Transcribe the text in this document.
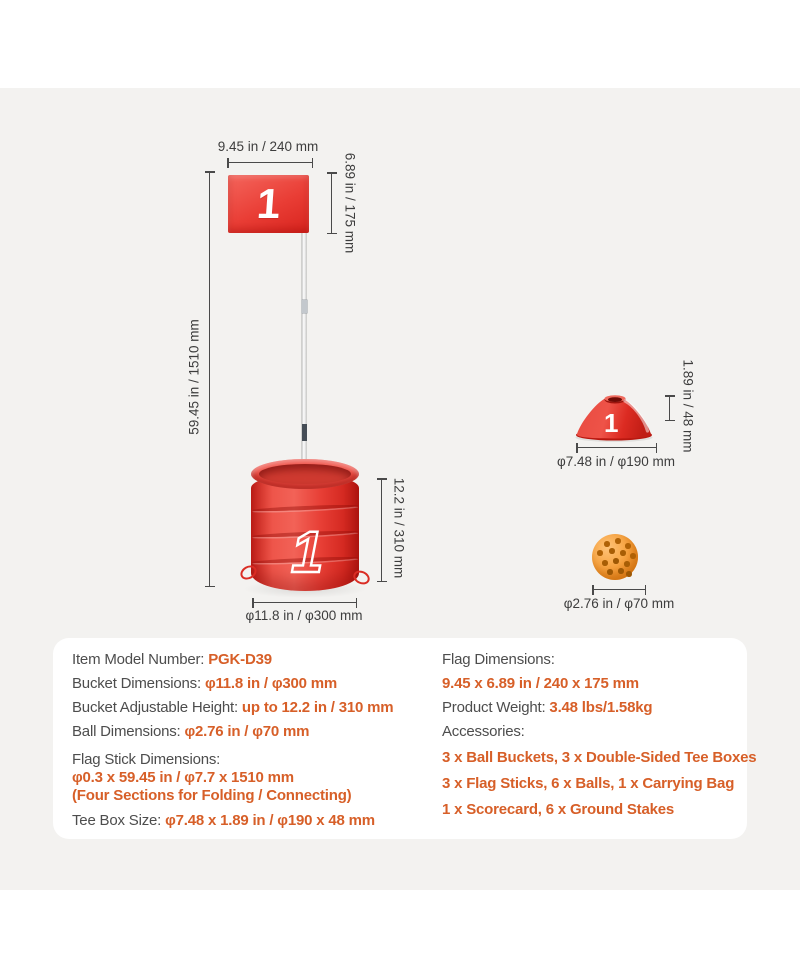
9.45 in / 240 mm
6.89 in / 175 mm
59.45 in / 1510 mm
1
1	12.2 in / 310 mm
φ11.8 in / φ300 mm
1	1.89 in / 48 mm
φ7.48 in / φ190 mm
φ2.76 in / φ70 mm
Item Model Number: PGK-D39
Bucket Dimensions: φ11.8 in / φ300 mm
Bucket Adjustable Height: up to 12.2 in / 310 mm
Ball Dimensions: φ2.76 in / φ70 mm
Flag Stick Dimensions:
φ0.3 x 59.45 in / φ7.7 x 1510 mm
(Four Sections for Folding / Connecting)
Tee Box Size: φ7.48 x 1.89 in / φ190 x 48 mm
Flag Dimensions:
9.45 x 6.89 in / 240 x 175 mm
Product Weight: 3.48 lbs/1.58kg
Accessories:
3 x Ball Buckets, 3 x Double-Sided Tee Boxes
3 x Flag Sticks, 6 x Balls, 1 x Carrying Bag
1 x Scorecard, 6 x Ground Stakes
